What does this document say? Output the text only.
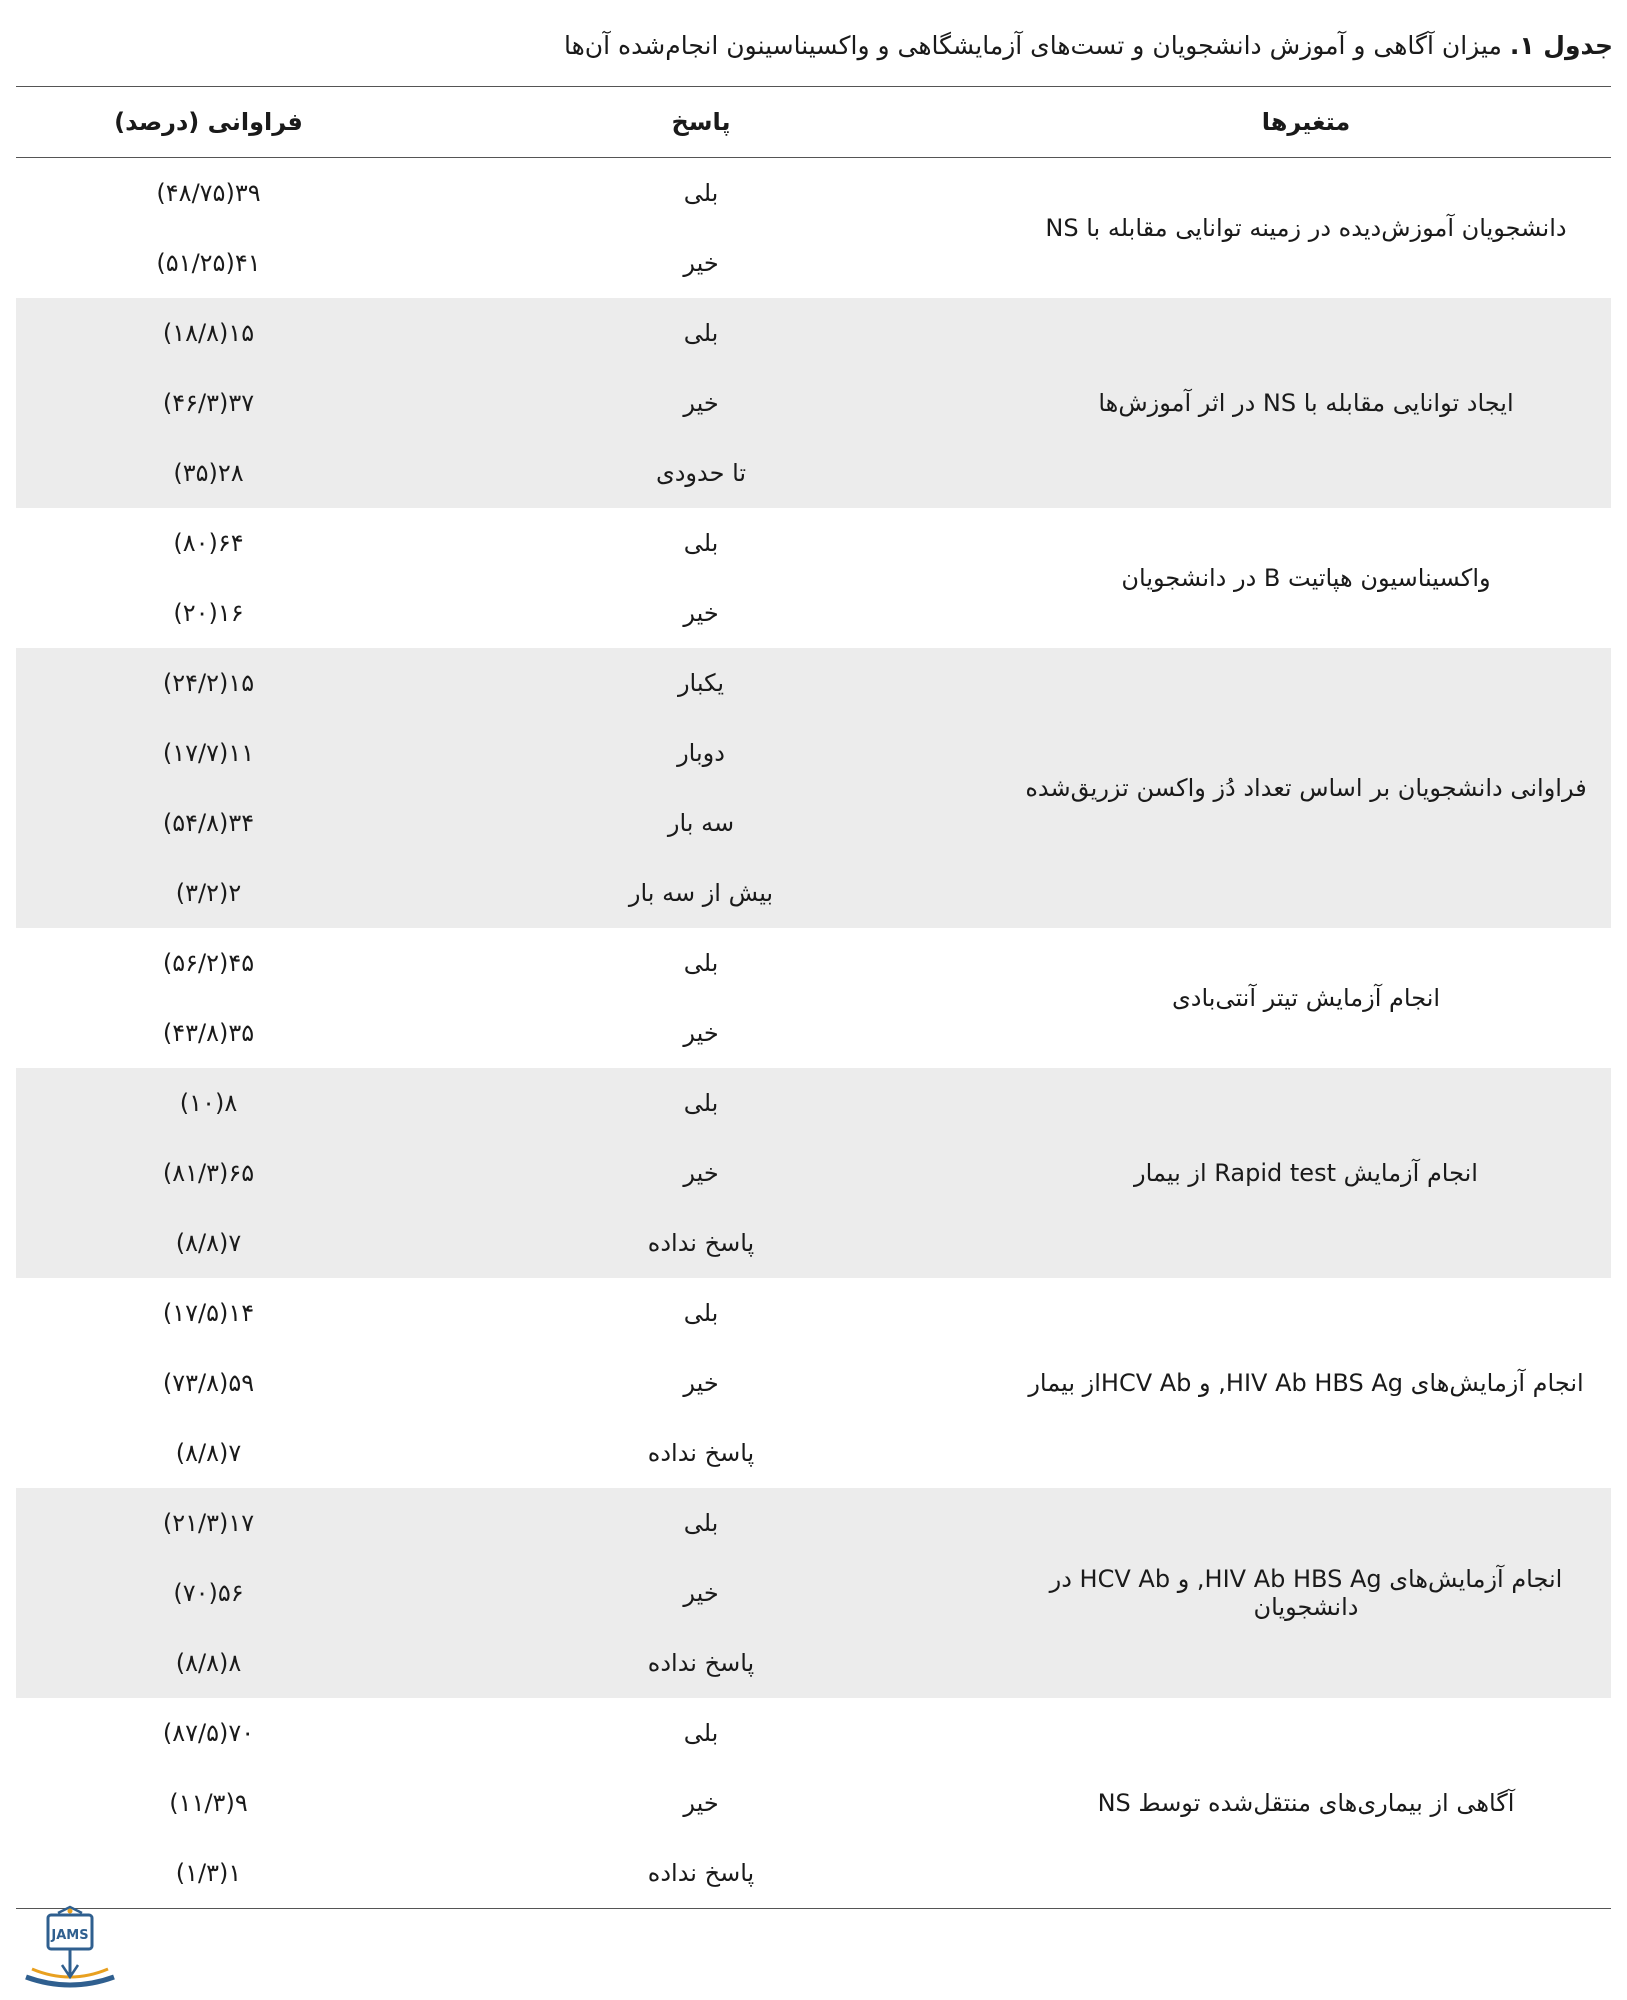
جدول ۱. میزان آگاهی و آموزش دانشجویان و تست‌های آزمایشگاهی و واکسیناسینون انجام‌شده آن‌ها
متغیرها
پاسخ
فراوانی (درصد)
دانشجویان آموزش‌دیده در زمینه توانایی مقابله با NS
بلی
خیر
۳۹(۴۸/۷۵)
۴۱(۵۱/۲۵)
ایجاد توانایی مقابله با NS در اثر آموزش‌ها
بلی
خیر
تا حدودی
۱۵(۱۸/۸)
۳۷(۴۶/۳)
۲۸(۳۵)
واکسیناسیون هپاتیت B در دانشجویان
بلی
خیر
۶۴(۸۰)
۱۶(۲۰)
فراوانی دانشجویان بر اساس تعداد دُز واکسن تزریق‌شده
یکبار
دوبار
سه بار
بیش از سه بار
۱۵(۲۴/۲)
۱۱(۱۷/۷)
۳۴(۵۴/۸)
۲(۳/۲)
انجام آزمایش تیتر آنتی‌بادی
بلی
خیر
۴۵(۵۶/۲)
۳۵(۴۳/۸)
انجام آزمایش Rapid test از بیمار
بلی
خیر
پاسخ نداده
۸(۱۰)
۶۵(۸۱/۳)
۷(۸/۸)
انجام آزمایش‌های HIV Ab HBS Ag, و HCV Abاز بیمار
بلی
خیر
پاسخ نداده
۱۴(۱۷/۵)
۵۹(۷۳/۸)
۷(۸/۸)
انجام آزمایش‌های HIV Ab HBS Ag, و HCV Ab در دانشجویان
بلی
خیر
پاسخ نداده
۱۷(۲۱/۳)
۵۶(۷۰)
۸(۸/۸)
آگاهی از بیماری‌های منتقل‌شده توسط NS
بلی
خیر
پاسخ نداده
۷۰(۸۷/۵)
۹(۱۱/۳)
۱(۱/۳)
JAMS
